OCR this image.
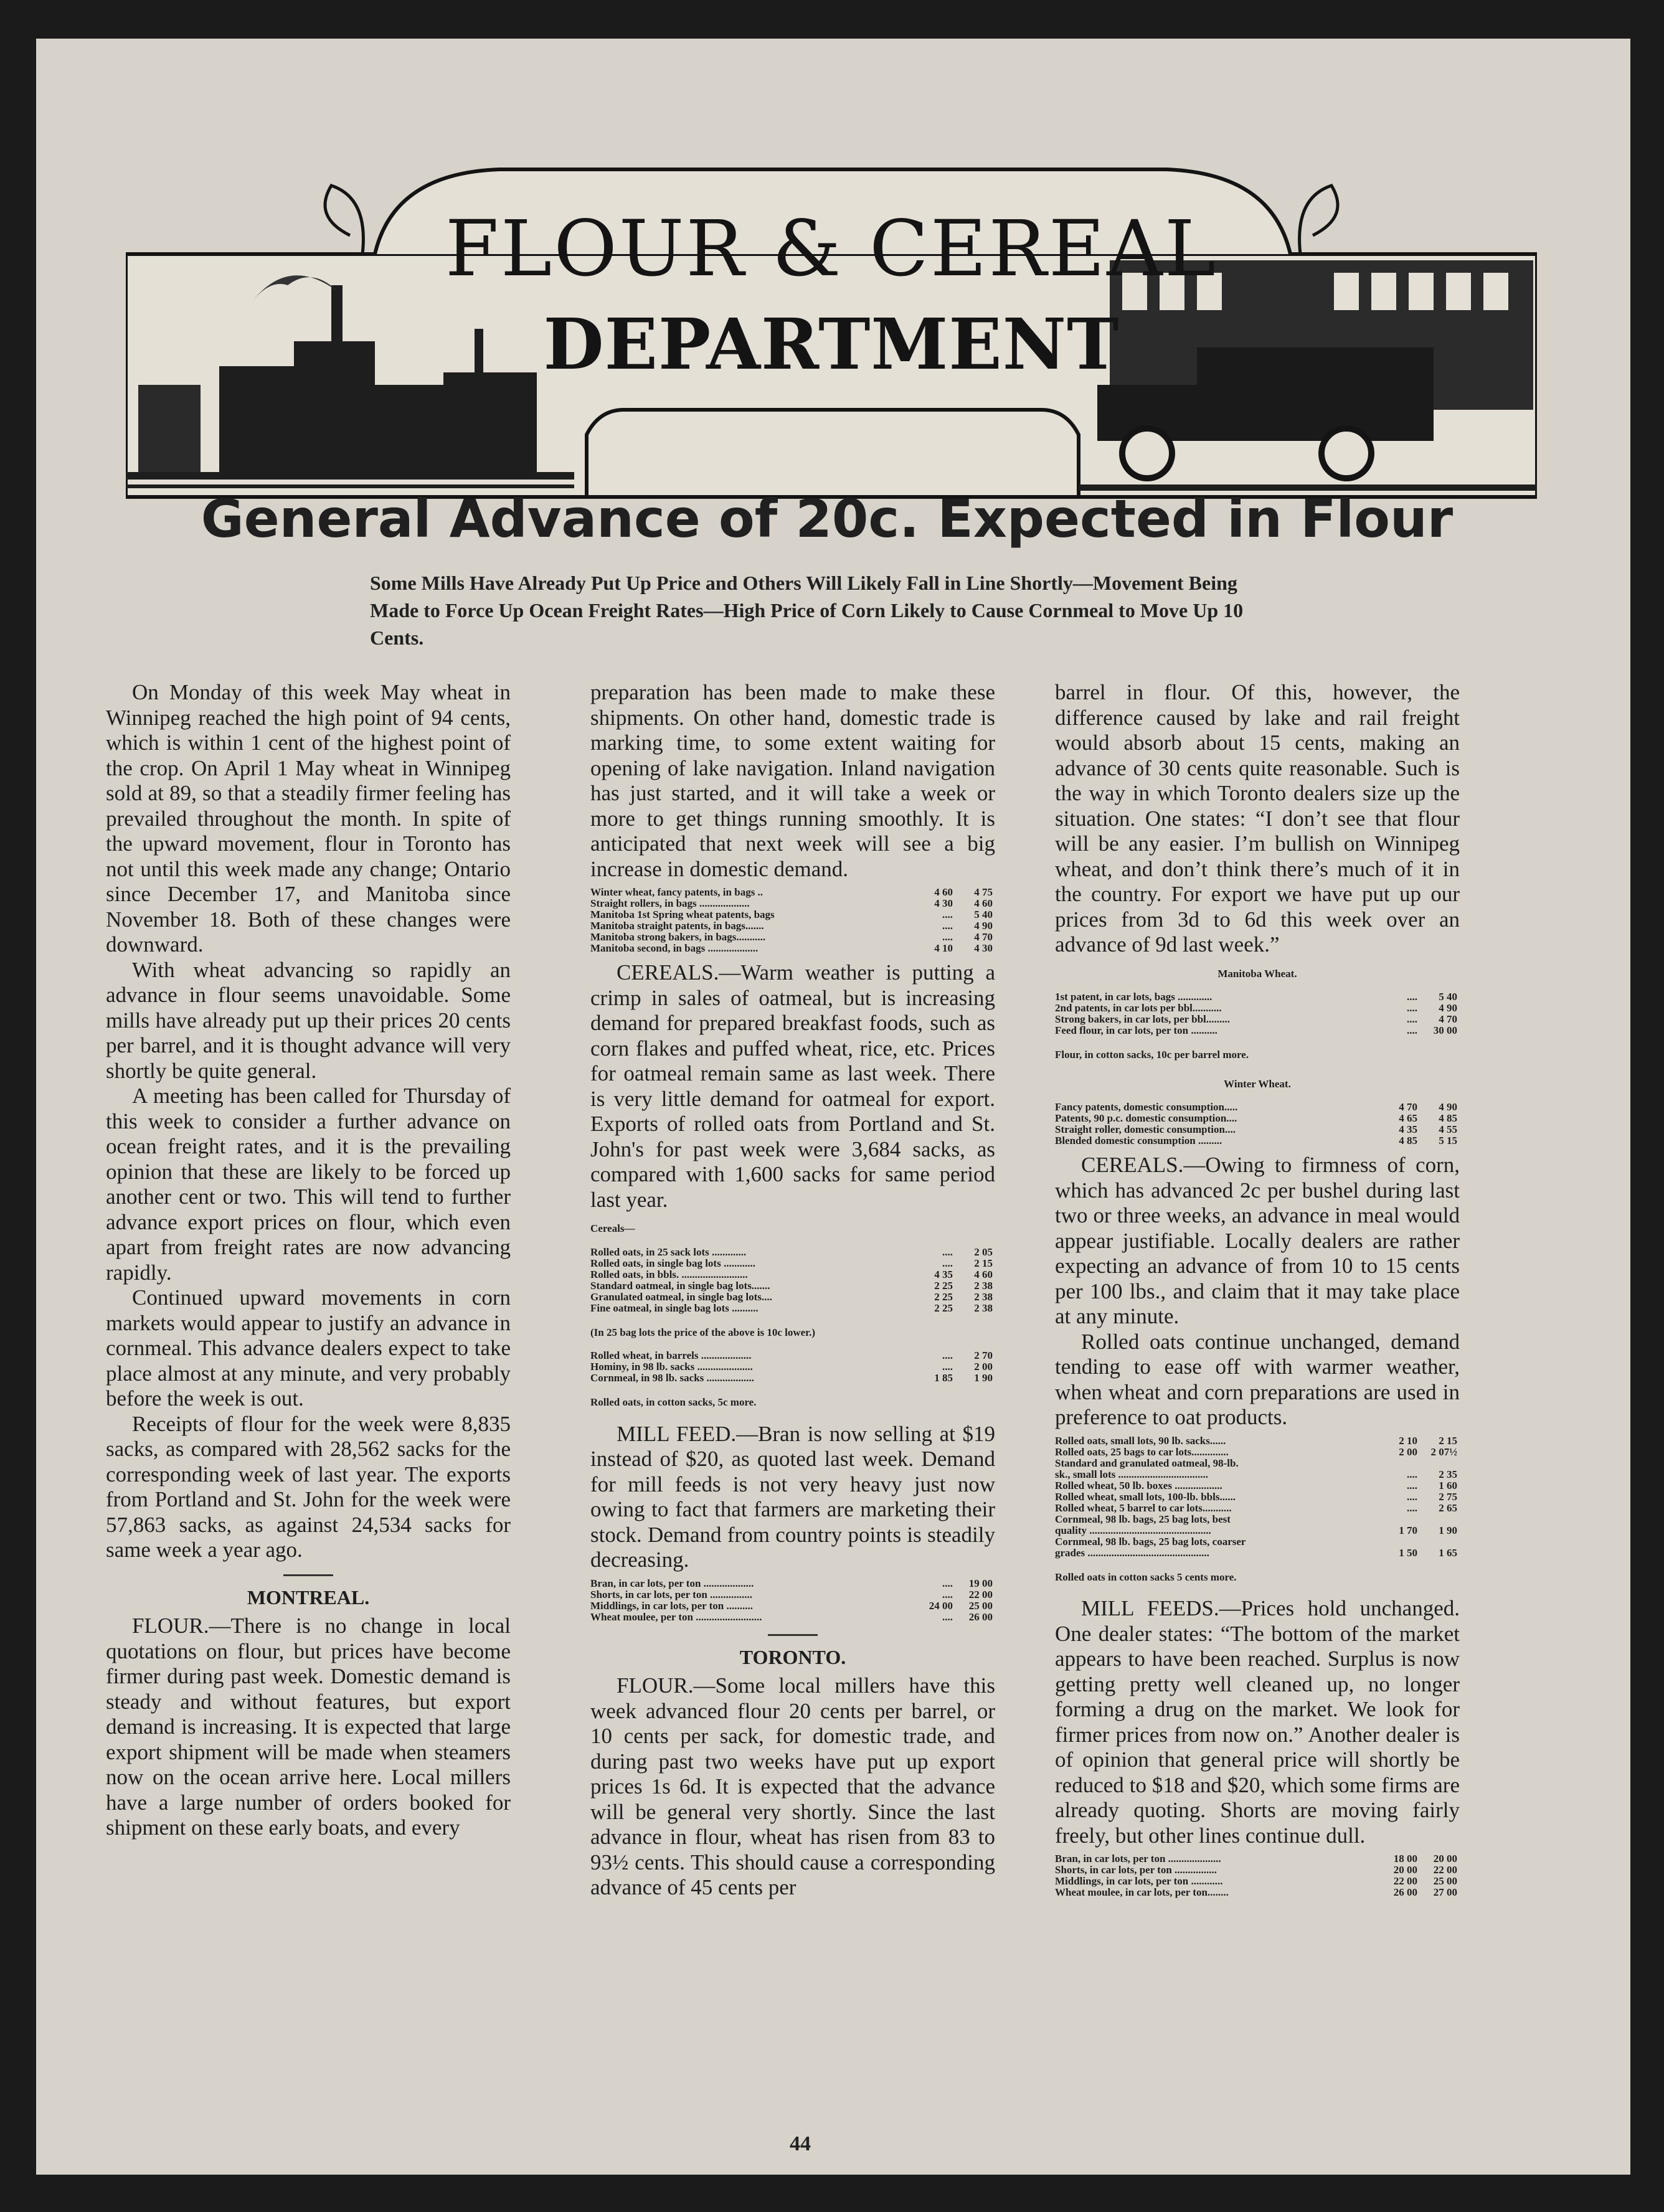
FLOUR & CEREAL
DEPARTMENT
General Advance of 20c. Expected in Flour
Some Mills Have Already Put Up Price and Others Will Likely Fall in Line Shortly—Movement Being Made to Force Up Ocean Freight Rates—High Price of Corn Likely to Cause Cornmeal to Move Up 10 Cents.

On Monday of this week May wheat in Winnipeg reached the high point of 94 cents, which is within 1 cent of the highest point of the crop. On April 1 May wheat in Winnipeg sold at 89, so that a steadily firmer feeling has prevailed throughout the month. In spite of the upward movement, flour in Toronto has not until this week made any change; Ontario since December 17, and Manitoba since November 18. Both of these changes were downward.

With wheat advancing so rapidly an advance in flour seems unavoidable. Some mills have already put up their prices 20 cents per barrel, and it is thought advance will very shortly be quite general.

A meeting has been called for Thursday of this week to consider a further advance on ocean freight rates, and it is the prevailing opinion that these are likely to be forced up another cent or two. This will tend to further advance export prices on flour, which even apart from freight rates are now advancing rapidly.

Continued upward movements in corn markets would appear to justify an advance in cornmeal. This advance dealers expect to take place almost at any minute, and very probably before the week is out.

Receipts of flour for the week were 8,835 sacks, as compared with 28,562 sacks for the corresponding week of last year. The exports from Portland and St. John for the week were 57,863 sacks, as against 24,534 sacks for same week a year ago.

MONTREAL.

FLOUR.—There is no change in local quotations on flour, but prices have become firmer during past week. Domestic demand is steady and without features, but export demand is increasing. It is expected that large export shipment will be made when steamers now on the ocean arrive here. Local millers have a large number of orders booked for shipment on these early boats, and every

preparation has been made to make these shipments. On other hand, domestic trade is marking time, to some extent waiting for opening of lake navigation. Inland navigation has just started, and it will take a week or more to get things running smoothly. It is anticipated that next week will see a big increase in domestic demand.

Winter wheat, fancy patents, in bags ..	4 60	4 75
Straight rollers, in bags ...................	4 30	4 60
Manitoba 1st Spring wheat patents, bags	....	5 40
Manitoba straight patents, in bags.......	....	4 90
Manitoba strong bakers, in bags...........	....	4 70
Manitoba second, in bags ...................	4 10	4 30

CEREALS.—Warm weather is putting a crimp in sales of oatmeal, but is increasing demand for prepared breakfast foods, such as corn flakes and puffed wheat, rice, etc. Prices for oatmeal remain same as last week. There is very little demand for oatmeal for export. Exports of rolled oats from Portland and St. John's for past week were 3,684 sacks, as compared with 1,600 sacks for same period last year.

Cereals—
Rolled oats, in 25 sack lots .............	....	2 05
Rolled oats, in single bag lots ............	....	2 15
Rolled oats, in bbls. .........................	4 35	4 60
Standard oatmeal, in single bag lots.......	2 25	2 38
Granulated oatmeal, in single bag lots....	2 25	2 38
Fine oatmeal, in single bag lots ..........	2 25	2 38
(In 25 bag lots the price of the above is 10c lower.)
Rolled wheat, in barrels ...................	....	2 70
Hominy, in 98 lb. sacks .....................	....	2 00
Cornmeal, in 98 lb. sacks ..................	1 85	1 90
Rolled oats, in cotton sacks, 5c more.

MILL FEED.—Bran is now selling at $19 instead of $20, as quoted last week. Demand for mill feeds is not very heavy just now owing to fact that farmers are marketing their stock. Demand from country points is steadily decreasing.

Bran, in car lots, per ton ...................	....	19 00
Shorts, in car lots, per ton ................	....	22 00
Middlings, in car lots, per ton ..........	24 00	25 00
Wheat moulee, per ton .........................	....	26 00
TORONTO.

FLOUR.—Some local millers have this week advanced flour 20 cents per barrel, or 10 cents per sack, for domestic trade, and during past two weeks have put up export prices 1s 6d. It is expected that the advance will be general very shortly. Since the last advance in flour, wheat has risen from 83 to 93½ cents. This should cause a corresponding advance of 45 cents per

barrel in flour. Of this, however, the difference caused by lake and rail freight would absorb about 15 cents, making an advance of 30 cents quite reasonable. Such is the way in which Toronto dealers size up the situation. One states: “I don’t see that flour will be any easier. I’m bullish on Winnipeg wheat, and don’t think there’s much of it in the country. For export we have put up our prices from 3d to 6d this week over an advance of 9d last week.”

Manitoba Wheat.
1st patent, in car lots, bags .............	....	5 40
2nd patents, in car lots per bbl...........	....	4 90
Strong bakers, in car lots, per bbl.........	....	4 70
Feed flour, in car lots, per ton ..........	....	30 00
Flour, in cotton sacks, 10c per barrel more.
Winter Wheat.
Fancy patents, domestic consumption.....	4 70	4 90
Patents, 90 p.c. domestic consumption....	4 65	4 85
Straight roller, domestic consumption....	4 35	4 55
Blended domestic consumption .........	4 85	5 15

CEREALS.—Owing to firmness of corn, which has advanced 2c per bushel during last two or three weeks, an advance in meal would appear justifiable. Locally dealers are rather expecting an advance of from 10 to 15 cents per 100 lbs., and claim that it may take place at any minute.

Rolled oats continue unchanged, demand tending to ease off with warmer weather, when wheat and corn preparations are used in preference to oat products.

Rolled oats, small lots, 90 lb. sacks......	2 10	2 15
Rolled oats, 25 bags to car lots..............	2 00	2 07½
Standard and granulated oatmeal, 98-lb.		
sk., small lots ..................................	....	2 35
Rolled wheat, 50 lb. boxes ..................	....	1 60
Rolled wheat, small lots, 100-lb. bbls......	....	2 75
Rolled wheat, 5 barrel to car lots...........	....	2 65
Cornmeal, 98 lb. bags, 25 bag lots, best		
quality ..............................................	1 70	1 90
Cornmeal, 98 lb. bags, 25 bag lots, coarser		
grades ..............................................	1 50	1 65
Rolled oats in cotton sacks 5 cents more.

MILL FEEDS.—Prices hold unchanged. One dealer states: “The bottom of the market appears to have been reached. Surplus is now getting pretty well cleaned up, no longer forming a drug on the market. We look for firmer prices from now on.” Another dealer is of opinion that general price will shortly be reduced to $18 and $20, which some firms are already quoting. Shorts are moving fairly freely, but other lines continue dull.

Bran, in car lots, per ton ....................	18 00	20 00
Shorts, in car lots, per ton ................	20 00	22 00
Middlings, in car lots, per ton ............	22 00	25 00
Wheat moulee, in car lots, per ton........	26 00	27 00
44
